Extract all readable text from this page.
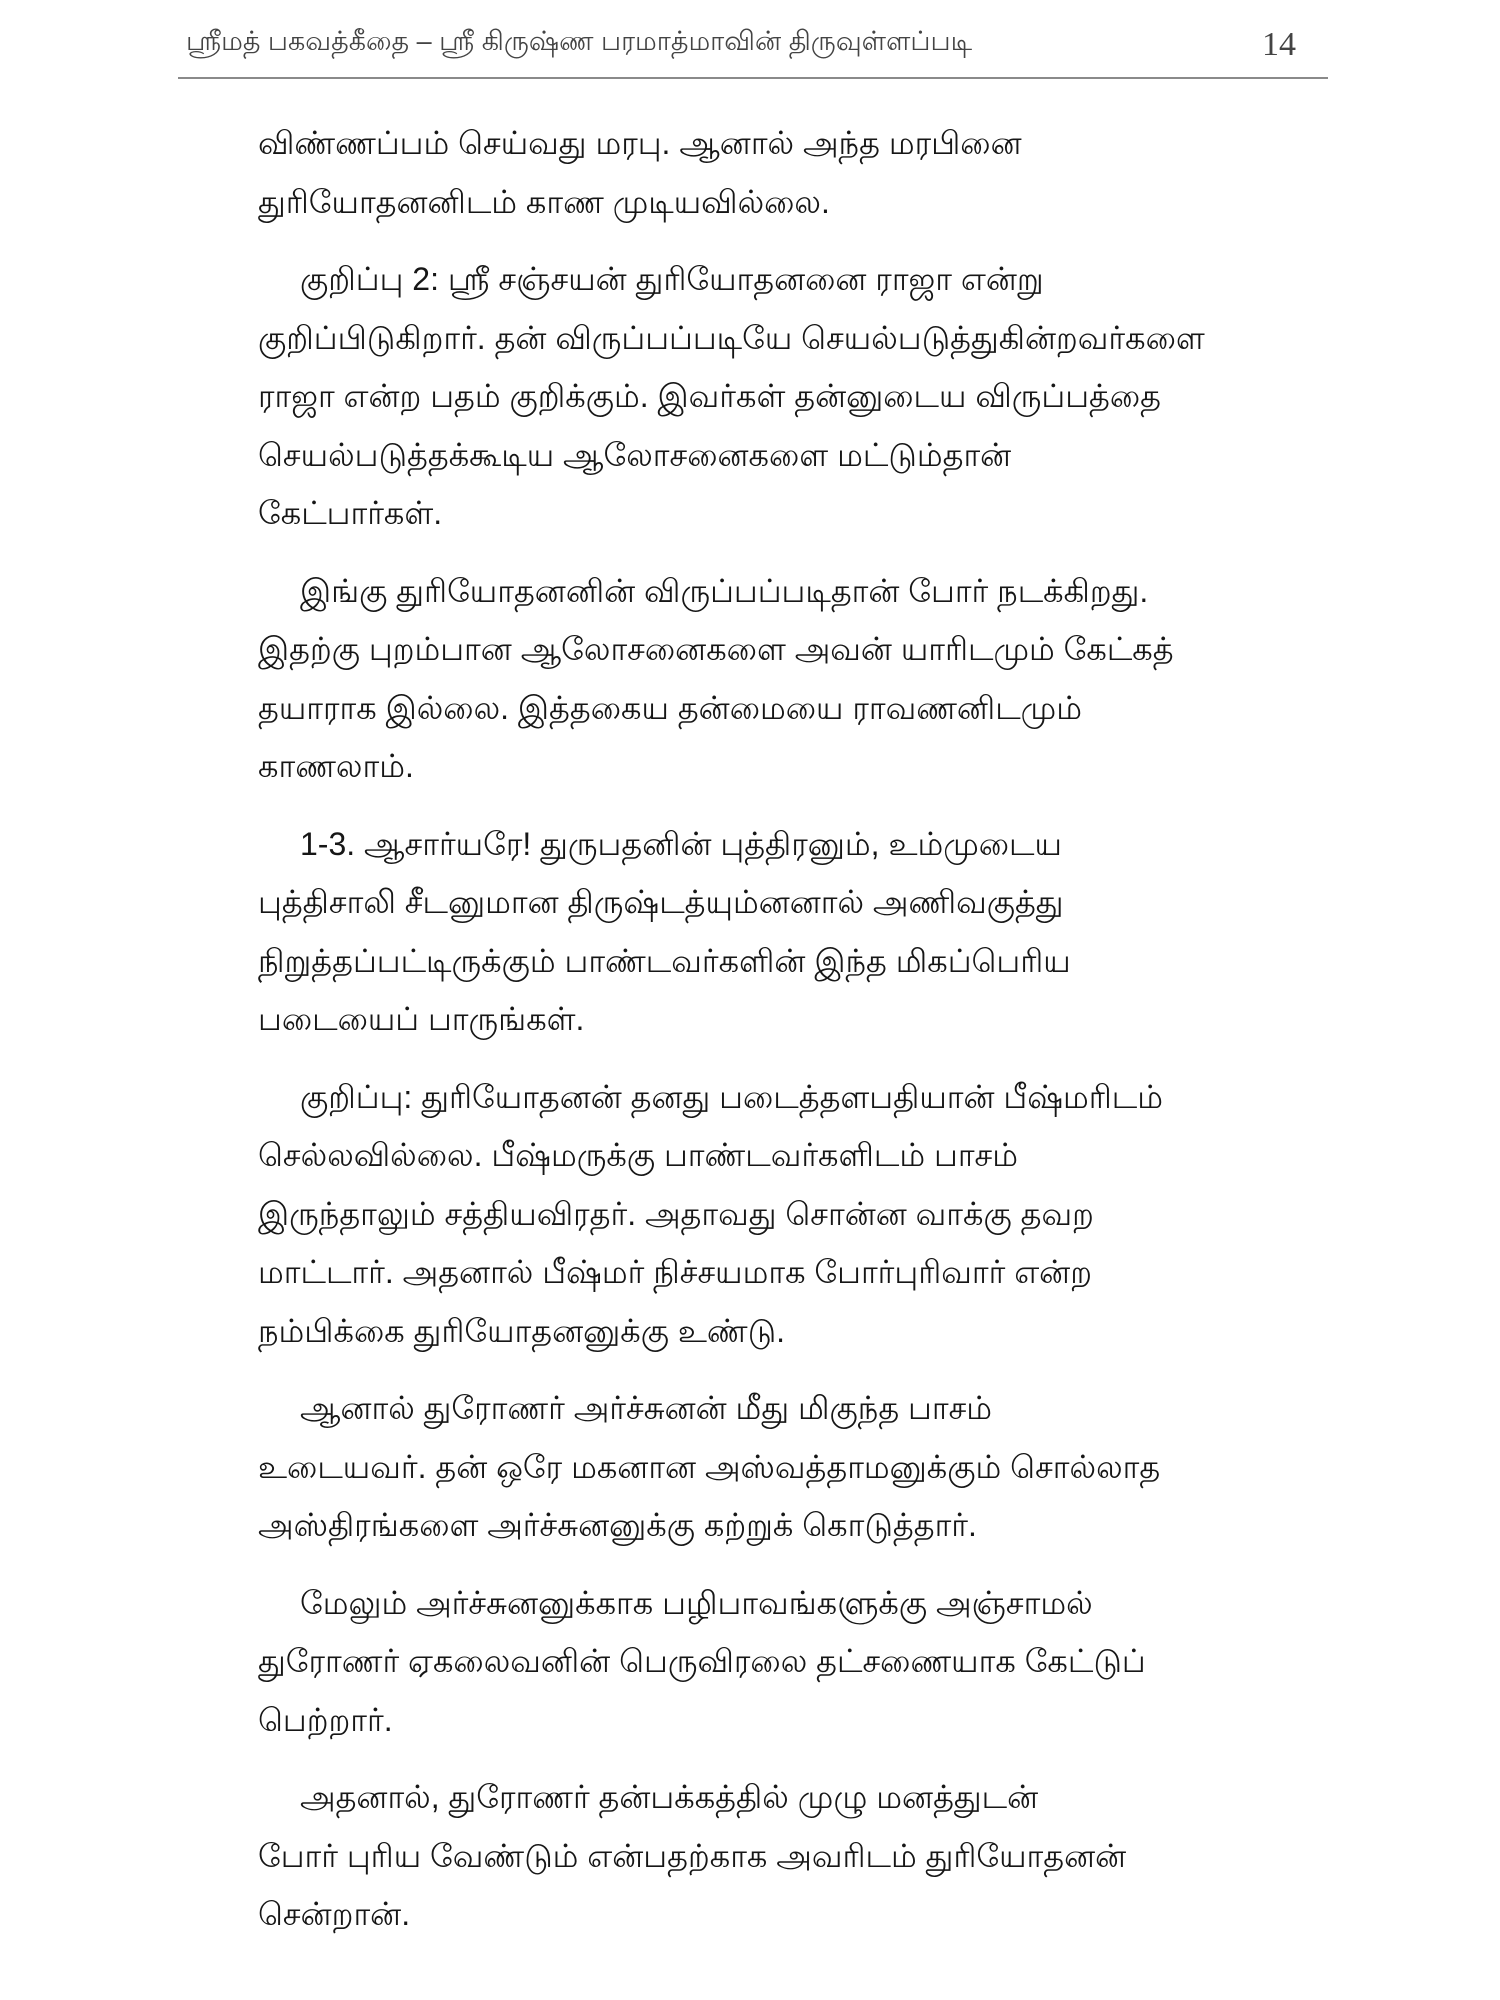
ஸ்ரீமத் பகவத்கீதை – ஸ்ரீ கிருஷ்ண பரமாத்மாவின் திருவுள்ளப்படி	14

விண்ணப்பம் செய்வது மரபு. ஆனால் அந்த மரபினை
துரியோதனனிடம் காண முடியவில்லை.

குறிப்பு 2: ஸ்ரீ சஞ்சயன் துரியோதனனை ராஜா என்று
குறிப்பிடுகிறார். தன் விருப்பப்படியே செயல்படுத்துகின்றவர்களை
ராஜா என்ற பதம் குறிக்கும். இவர்கள் தன்னுடைய விருப்பத்தை
செயல்படுத்தக்கூடிய ஆலோசனைகளை மட்டும்தான்
கேட்பார்கள்.

இங்கு துரியோதனனின் விருப்பப்படிதான் போர் நடக்கிறது.
இதற்கு புறம்பான ஆலோசனைகளை அவன் யாரிடமும் கேட்கத்
தயாராக இல்லை. இத்தகைய தன்மையை ராவணனிடமும்
காணலாம்.

1-3. ஆசார்யரே! துருபதனின் புத்திரனும், உம்முடைய
புத்திசாலி சீடனுமான திருஷ்டத்யும்னனால் அணிவகுத்து
நிறுத்தப்பட்டிருக்கும் பாண்டவர்களின் இந்த மிகப்பெரிய
படையைப் பாருங்கள்.

குறிப்பு: துரியோதனன் தனது படைத்தளபதியான் பீஷ்மரிடம்
செல்லவில்லை. பீஷ்மருக்கு பாண்டவர்களிடம் பாசம்
இருந்தாலும் சத்தியவிரதர். அதாவது சொன்ன வாக்கு தவற
மாட்டார். அதனால் பீஷ்மர் நிச்சயமாக போர்புரிவார் என்ற
நம்பிக்கை துரியோதனனுக்கு உண்டு.

ஆனால் துரோணர் அர்ச்சுனன் மீது மிகுந்த பாசம்
உடையவர். தன் ஒரே மகனான அஸ்வத்தாமனுக்கும் சொல்லாத
அஸ்திரங்களை அர்ச்சுனனுக்கு கற்றுக் கொடுத்தார்.

மேலும் அர்ச்சுனனுக்காக பழிபாவங்களுக்கு அஞ்சாமல்
துரோணர் ஏகலைவனின் பெருவிரலை தட்சணையாக கேட்டுப்
பெற்றார்.

அதனால், துரோணர் தன்பக்கத்தில் முழு மனத்துடன்
போர் புரிய வேண்டும் என்பதற்காக அவரிடம் துரியோதனன்
சென்றான்.
